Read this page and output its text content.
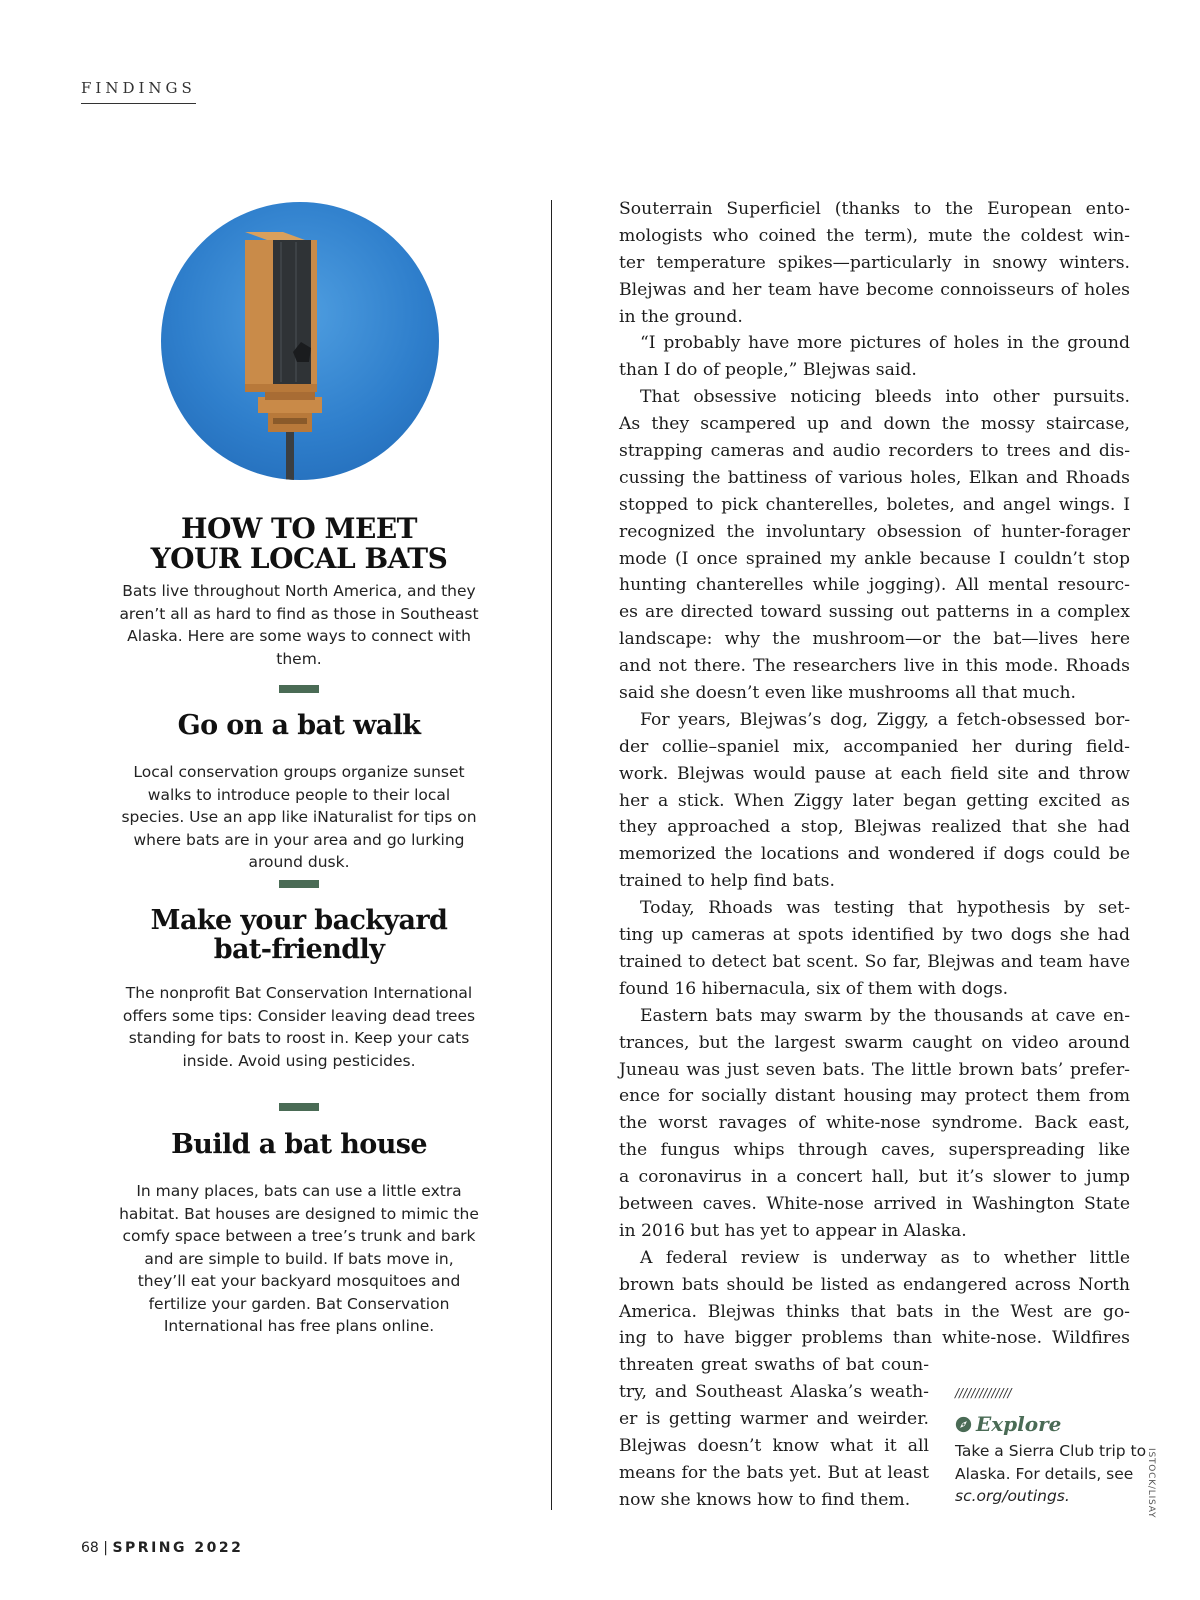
FINDINGS
HOW TO MEET
YOUR LOCAL BATS

Bats live throughout North America, and they aren’t all as hard to find as those in Southeast Alaska. Here are some ways to connect with them.

Go on a bat walk

Local conservation groups organize sunset walks to introduce people to their local species. Use an app like iNaturalist for tips on where bats are in your area and go lurking around dusk.

Make your backyard bat-friendly

The nonprofit Bat Conservation International offers some tips: Consider leaving dead trees standing for bats to roost in. Keep your cats inside. Avoid using pesticides.

Build a bat house

In many places, bats can use a little extra habitat. Bat houses are designed to mimic the comfy space between a tree’s trunk and bark and are simple to build. If bats move in, they’ll eat your backyard mosquitoes and fertilize your garden. Bat Conservation International has free plans online.

Souterrain Superficiel (thanks to the European ento-
mologists who coined the term), mute the coldest win-
ter temperature spikes—particularly in snowy winters.
Blejwas and her team have become connoisseurs of holes
in the ground.
“I probably have more pictures of holes in the ground
than I do of people,” Blejwas said.
That obsessive noticing bleeds into other pursuits.
As they scampered up and down the mossy staircase,
strapping cameras and audio recorders to trees and dis-
cussing the battiness of various holes, Elkan and Rhoads
stopped to pick chanterelles, boletes, and angel wings. I
recognized the involuntary obsession of hunter-forager
mode (I once sprained my ankle because I couldn’t stop
hunting chanterelles while jogging). All mental resourc-
es are directed toward sussing out patterns in a complex
landscape: why the mushroom—or the bat—lives here
and not there. The researchers live in this mode. Rhoads
said she doesn’t even like mushrooms all that much.
For years, Blejwas’s dog, Ziggy, a fetch-obsessed bor-
der collie–spaniel mix, accompanied her during field-
work. Blejwas would pause at each field site and throw
her a stick. When Ziggy later began getting excited as
they approached a stop, Blejwas realized that she had
memorized the locations and wondered if dogs could be
trained to help find bats.
Today, Rhoads was testing that hypothesis by set-
ting up cameras at spots identified by two dogs she had
trained to detect bat scent. So far, Blejwas and team have
found 16 hibernacula, six of them with dogs.
Eastern bats may swarm by the thousands at cave en-
trances, but the largest swarm caught on video around
Juneau was just seven bats. The little brown bats’ prefer-
ence for socially distant housing may protect them from
the worst ravages of white-nose syndrome. Back east,
the fungus whips through caves, superspreading like
a coronavirus in a concert hall, but it’s slower to jump
between caves. White-nose arrived in Washington State
in 2016 but has yet to appear in Alaska.
A federal review is underway as to whether little
brown bats should be listed as endangered across North
America. Blejwas thinks that bats in the West are go-
ing to have bigger problems than white-nose. Wildfires
threaten great swaths of bat coun-
try, and Southeast Alaska’s weath-
er is getting warmer and weirder.
Blejwas doesn’t know what it all
means for the bats yet. But at least
now she knows how to find them.
//////////////
Explore
Take a Sierra Club trip to Alaska. For details, see sc.org/outings.	ISTOCK/LISAY
68 | SPRING 2022
